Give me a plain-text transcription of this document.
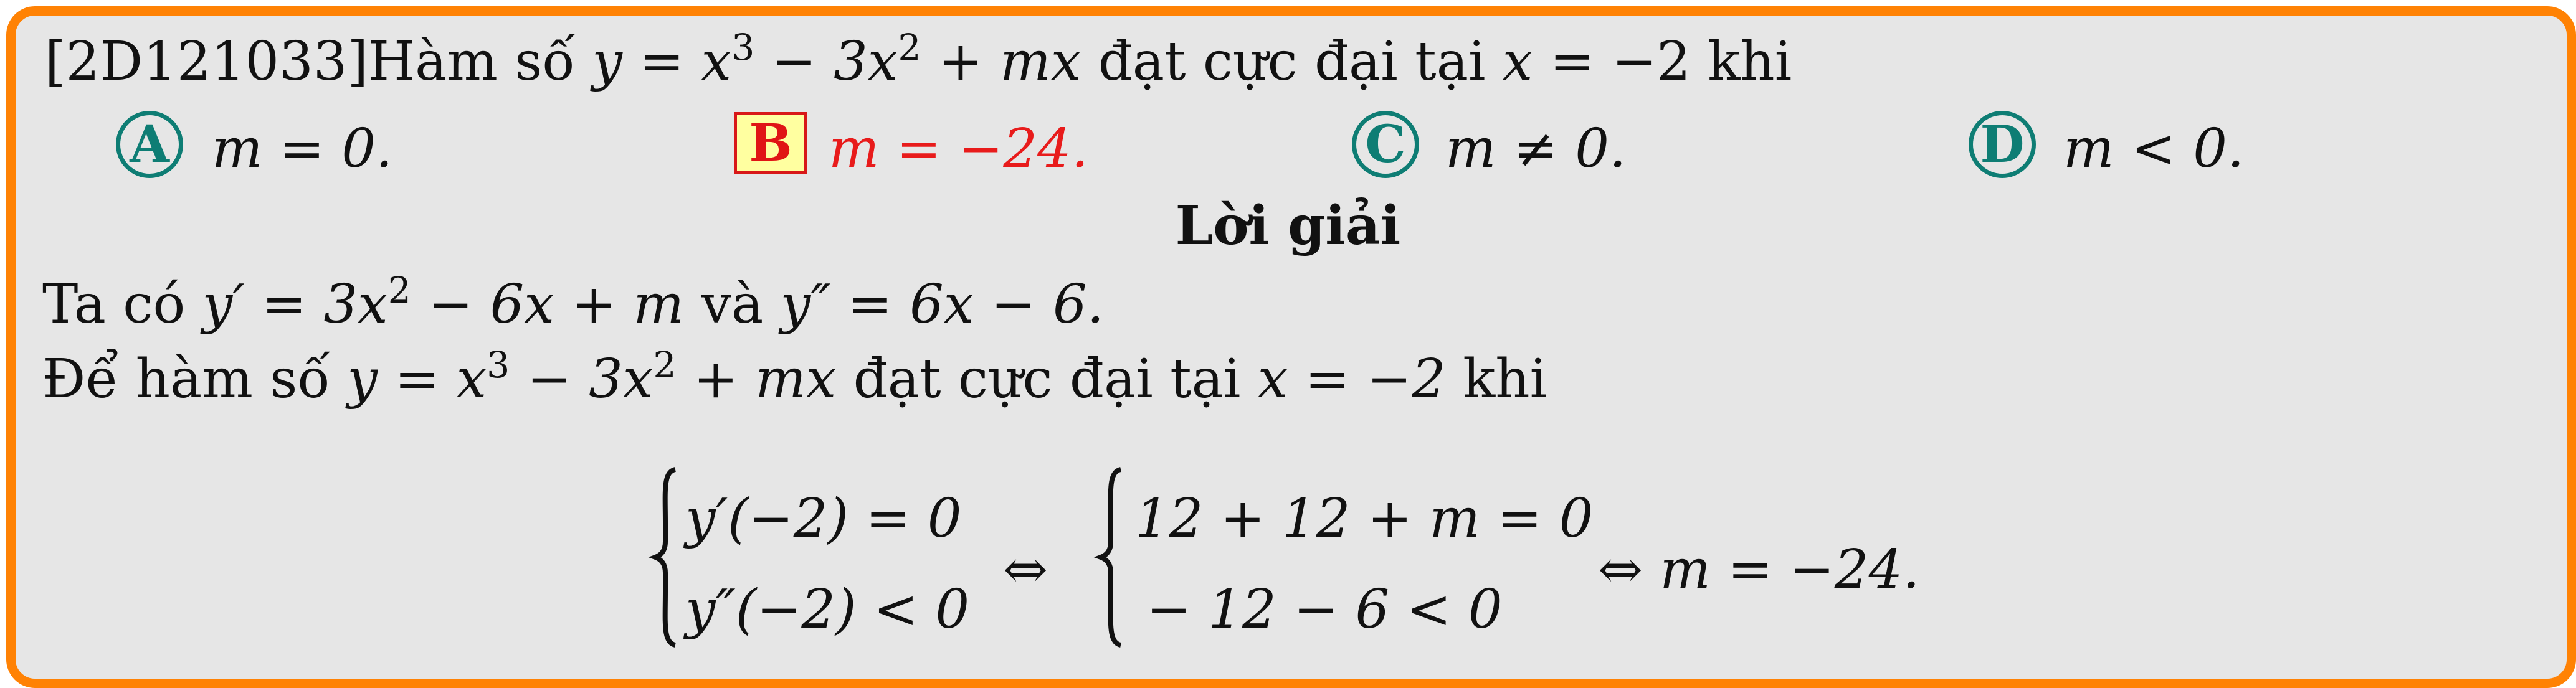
[2D121033]Hàm số $y = x^3 - 3x^2$ + mx đạt cực đại tại x = −2 khi
A m = 0.	B m = −24.	C m ≠ 0.	D m < 0.
Lời giải
Ta có $y' = 3x^2 - 6x + m$ và y″ = 6x − 6.
Để hàm số $y = x^3 - 3x^2$ + mx đạt cực đại tại x = −2 khi
y′(−2) = 0
y″(−2) < 0
⇔
12 + 12 + m = 0
− 12 − 6 < 0
⇔ m = −24.
